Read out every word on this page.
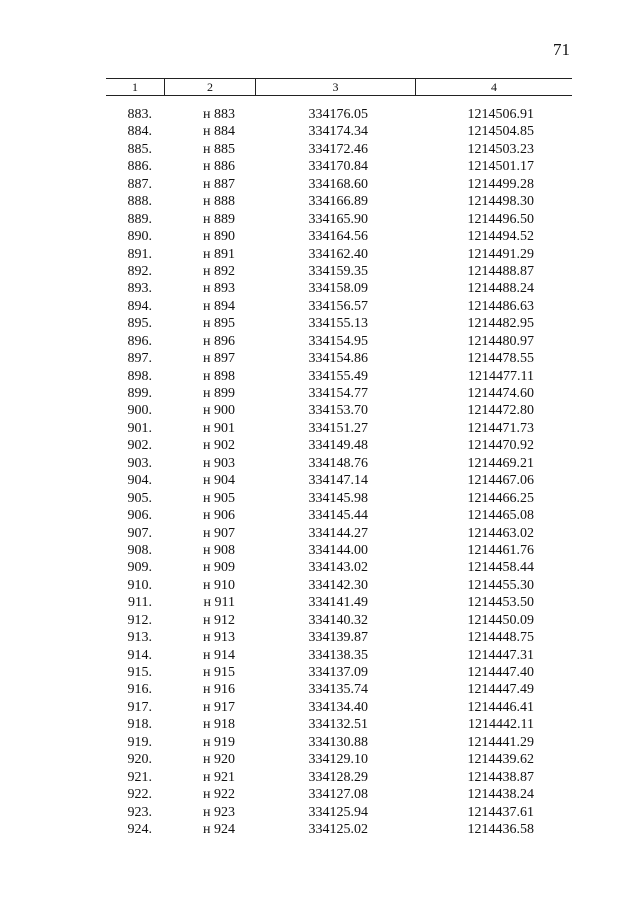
71
1	2	3	4
883.	н 883	334176.05	1214506.91
884.	н 884	334174.34	1214504.85
885.	н 885	334172.46	1214503.23
886.	н 886	334170.84	1214501.17
887.	н 887	334168.60	1214499.28
888.	н 888	334166.89	1214498.30
889.	н 889	334165.90	1214496.50
890.	н 890	334164.56	1214494.52
891.	н 891	334162.40	1214491.29
892.	н 892	334159.35	1214488.87
893.	н 893	334158.09	1214488.24
894.	н 894	334156.57	1214486.63
895.	н 895	334155.13	1214482.95
896.	н 896	334154.95	1214480.97
897.	н 897	334154.86	1214478.55
898.	н 898	334155.49	1214477.11
899.	н 899	334154.77	1214474.60
900.	н 900	334153.70	1214472.80
901.	н 901	334151.27	1214471.73
902.	н 902	334149.48	1214470.92
903.	н 903	334148.76	1214469.21
904.	н 904	334147.14	1214467.06
905.	н 905	334145.98	1214466.25
906.	н 906	334145.44	1214465.08
907.	н 907	334144.27	1214463.02
908.	н 908	334144.00	1214461.76
909.	н 909	334143.02	1214458.44
910.	н 910	334142.30	1214455.30
911.	н 911	334141.49	1214453.50
912.	н 912	334140.32	1214450.09
913.	н 913	334139.87	1214448.75
914.	н 914	334138.35	1214447.31
915.	н 915	334137.09	1214447.40
916.	н 916	334135.74	1214447.49
917.	н 917	334134.40	1214446.41
918.	н 918	334132.51	1214442.11
919.	н 919	334130.88	1214441.29
920.	н 920	334129.10	1214439.62
921.	н 921	334128.29	1214438.87
922.	н 922	334127.08	1214438.24
923.	н 923	334125.94	1214437.61
924.	н 924	334125.02	1214436.58
